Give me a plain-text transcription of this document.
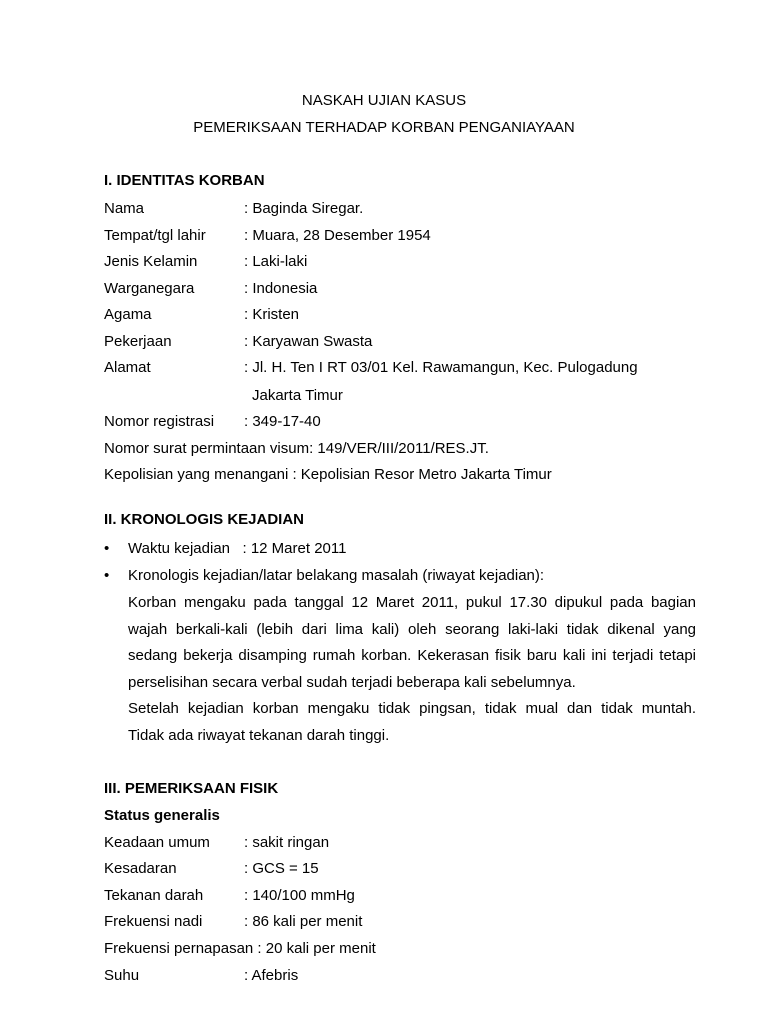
NASKAH UJIAN KASUS
PEMERIKSAAN TERHADAP KORBAN PENGANIAYAAN
I. IDENTITAS KORBAN
Nama	: Baginda Siregar.
Tempat/tgl lahir	: Muara, 28 Desember 1954
Jenis Kelamin	: Laki-laki
Warganegara	: Indonesia
Agama	: Kristen
Pekerjaan	: Karyawan Swasta
Alamat	: Jl. H. Ten I RT 03/01 Kel. Rawamangun, Kec. Pulogadung
Jakarta Timur
Nomor registrasi : 349-17-40
Nomor surat permintaan visum: 149/VER/III/2011/RES.JT.
Kepolisian yang menangani : Kepolisian Resor Metro Jakarta Timur
II. KRONOLOGIS KEJADIAN
• Waktu kejadian   : 12 Maret 2011
• Kronologis kejadian/latar belakang masalah (riwayat kejadian):
Korban mengaku pada tanggal 12 Maret 2011, pukul 17.30 dipukul pada bagian
wajah berkali-kali (lebih dari lima kali) oleh seorang laki-laki tidak dikenal yang
sedang bekerja disamping rumah korban. Kekerasan fisik baru kali ini terjadi tetapi
perselisihan secara verbal sudah terjadi beberapa kali sebelumnya.
Setelah kejadian korban mengaku tidak pingsan, tidak mual dan tidak muntah.
Tidak ada riwayat tekanan darah tinggi.
III. PEMERIKSAAN FISIK
Status generalis
Keadaan umum : sakit ringan
Kesadaran	: GCS = 15
Tekanan darah	: 140/100 mmHg
Frekuensi nadi	: 86 kali per menit
Frekuensi pernapasan : 20 kali per menit
Suhu	: Afebris
